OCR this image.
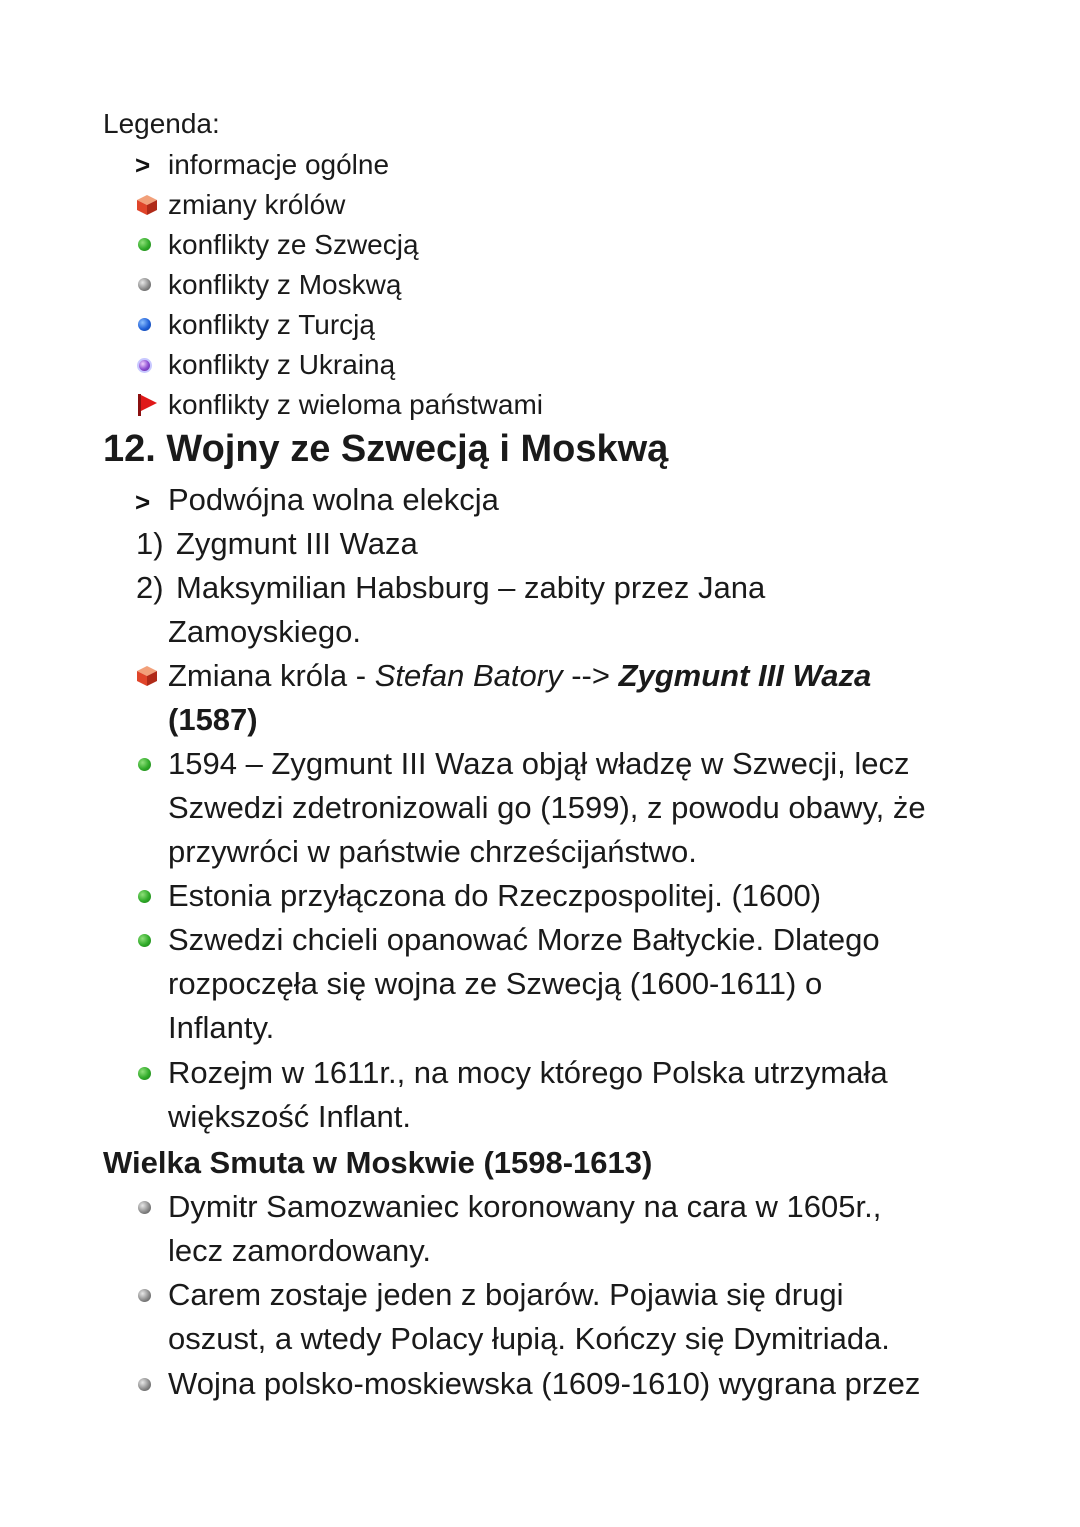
Legenda:
> informacje ogólne
zmiany królów
konflikty ze Szwecją
konflikty z Moskwą
konflikty z Turcją
konflikty z Ukrainą
konflikty z wieloma państwami
12. Wojny ze Szwecją i Moskwą
> Podwójna wolna elekcja
1) Zygmunt III Waza
2) Maksymilian Habsburg – zabity przez Jana
Zamoyskiego.
Zmiana króla - Stefan Batory --> Zygmunt III Waza
(1587)
1594 – Zygmunt III Waza objął władzę w Szwecji, lecz
Szwedzi zdetronizowali go (1599), z powodu obawy, że
przywróci w państwie chrześcijaństwo.
Estonia przyłączona do Rzeczpospolitej. (1600)
Szwedzi chcieli opanować Morze Bałtyckie. Dlatego
rozpoczęła się wojna ze Szwecją (1600-1611) o
Inflanty.
Rozejm w 1611r., na mocy którego Polska utrzymała
większość Inflant.
Wielka Smuta w Moskwie (1598-1613)
Dymitr Samozwaniec koronowany na cara w 1605r.,
lecz zamordowany.
Carem zostaje jeden z bojarów. Pojawia się drugi
oszust, a wtedy Polacy łupią. Kończy się Dymitriada.
Wojna polsko-moskiewska (1609-1610) wygrana przez
